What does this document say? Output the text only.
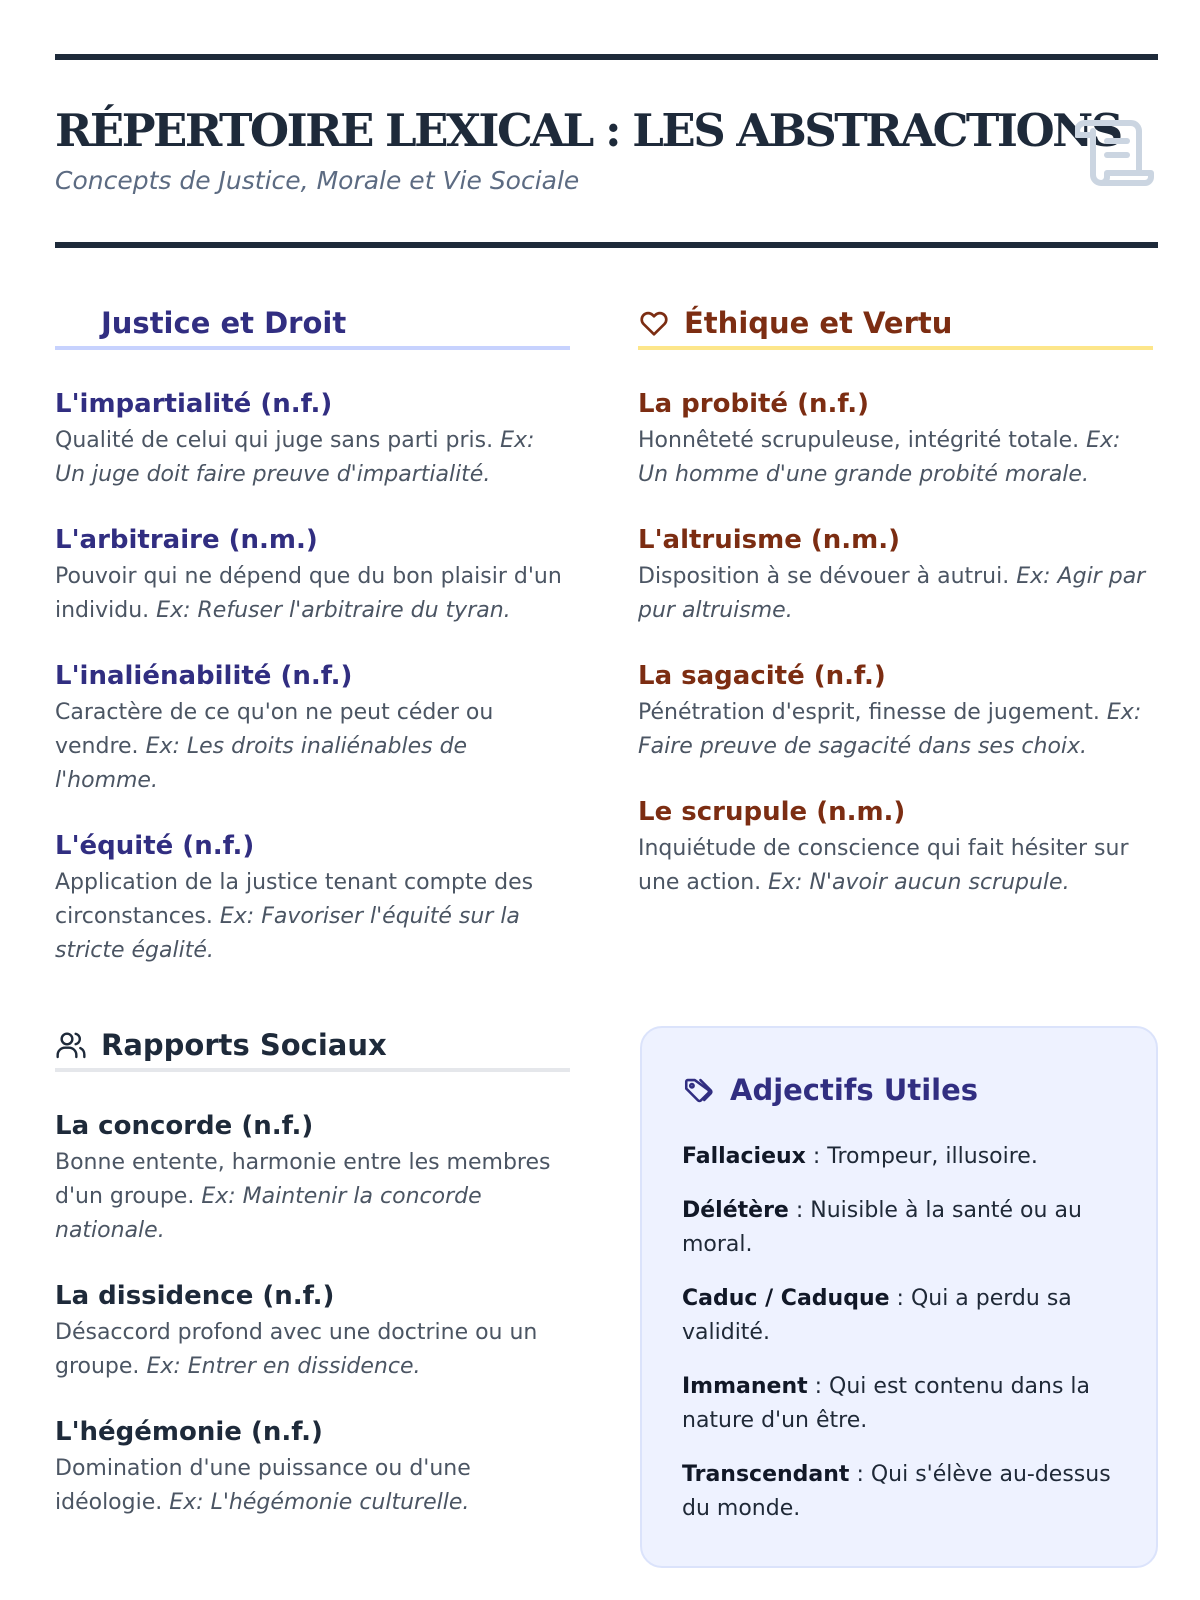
RÉPERTOIRE LEXICAL : LES ABSTRACTIONS
Concepts de Justice, Morale et Vie Sociale
Justice et Droit
L'impartialité (n.f.)
Qualité de celui qui juge sans parti pris. Ex: Un juge doit faire preuve d'impartialité.
L'arbitraire (n.m.)
Pouvoir qui ne dépend que du bon plaisir d'un individu. Ex: Refuser l'arbitraire du tyran.
L'inaliénabilité (n.f.)
Caractère de ce qu'on ne peut céder ou vendre. Ex: Les droits inaliénables de l'homme.
L'équité (n.f.)
Application de la justice tenant compte des circonstances. Ex: Favoriser l'équité sur la stricte égalité.
Éthique et Vertu
La probité (n.f.)
Honnêteté scrupuleuse, intégrité totale. Ex: Un homme d'une grande probité morale.
L'altruisme (n.m.)
Disposition à se dévouer à autrui. Ex: Agir par pur altruisme.
La sagacité (n.f.)
Pénétration d'esprit, finesse de jugement. Ex: Faire preuve de sagacité dans ses choix.
Le scrupule (n.m.)
Inquiétude de conscience qui fait hésiter sur une action. Ex: N'avoir aucun scrupule.
Rapports Sociaux
La concorde (n.f.)
Bonne entente, harmonie entre les membres d'un groupe. Ex: Maintenir la concorde nationale.
La dissidence (n.f.)
Désaccord profond avec une doctrine ou un groupe. Ex: Entrer en dissidence.
L'hégémonie (n.f.)
Domination d'une puissance ou d'une idéologie. Ex: L'hégémonie culturelle.
Adjectifs Utiles
Fallacieux : Trompeur, illusoire.
Délétère : Nuisible à la santé ou au moral.
Caduc / Caduque : Qui a perdu sa validité.
Immanent : Qui est contenu dans la nature d'un être.
Transcendant : Qui s'élève au-dessus du monde.
